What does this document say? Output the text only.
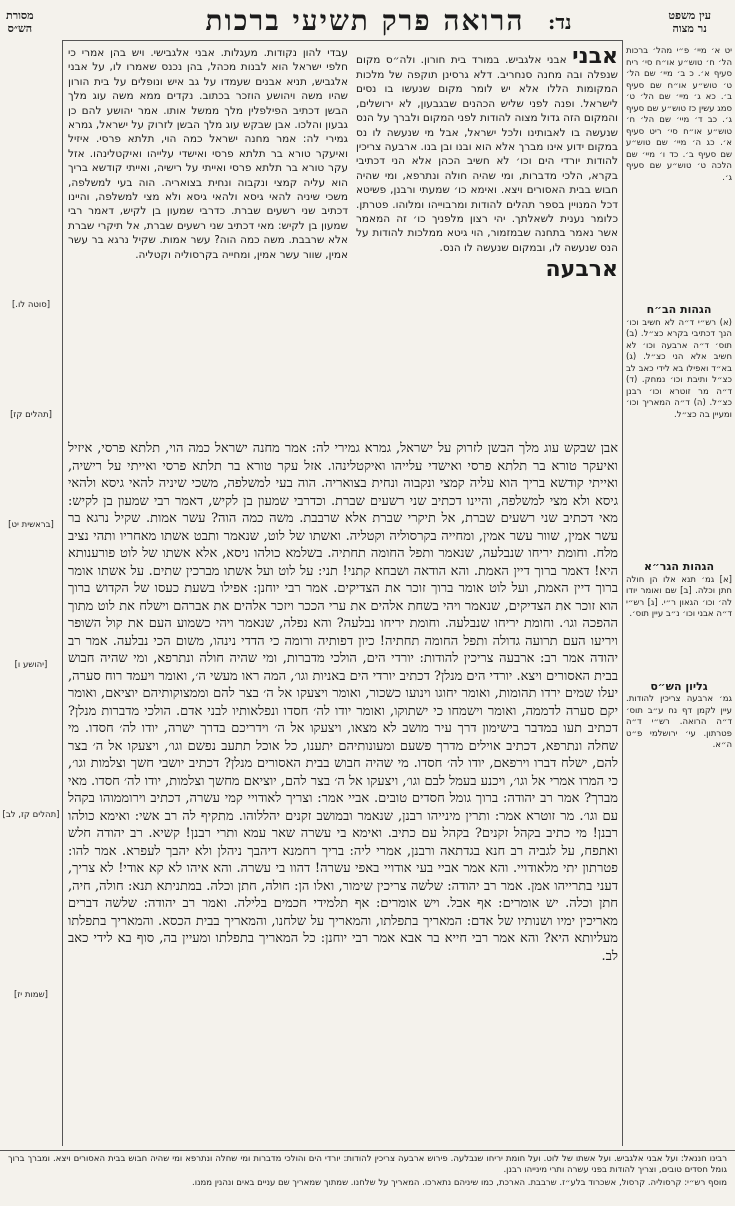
מסורת
הש״ס	הרואה פרק תשיעי ברכות נד:	עין משפט
נר מצוה

אבני אבני אלגביש. במורד בית חורון. ולה״ס מקום שנפלה ובה מחנה סנחריב. דלא גרסינן תוקפה של מלכות המקומות הללו אלא יש לומר מקום שנעשו בו נסים לישראל. ופנה לפני שליש הכהנים שבגבעון, לא ירושלים, והמקום הזה גדול מצוה להודות לפני המקום ולברך על הנס שנעשה בו לאבותינו ולכל ישראל, אבל מי שנעשה לו נס במקום ידוע אינו מברך אלא הוא ובנו ובן בנו. ארבעה צריכין להודות יורדי הים וכו׳ לא חשיב הכהן אלא הני דכתיבי בקרא, הלכי מדברות, ומי שהיה חולה ונתרפא, ומי שהיה חבוש בבית האסורים ויצא. ואימא כו׳ שמעתי ורבנן, פשיטא דכל המנויין בספר תהלים להודות ומרבוייהו ומלוהו. פטרתן. כלומר נענית לשאלתך. יהי רצון מלפניך כו׳ זה המאמר אשר נאמר בתחנה שבמזמור, הוי גיטא ממלכות להודות על הנס שנעשה לו, ובמקום שנעשה לו הנס.

ארבעה

עבדי להון נקודות. מעגלות. אבני אלגבישי. ויש בהן אמרי כי חלפי ישראל הוא לבנות מכהל, בהן נכנס שאמרו לו, על אבני אלגביש, תניא אבנים שעמדו על גב איש ונופלים על בית הורון שהיו משה ויהושע הוזכר בכתוב. נקדים ממא משה עוג מלך הבשן דכתיב הפילפלין מלך ממשל אותו. אמר יהושע להם כן גבעון והלכו. אבן שבקש עוג מלך הבשן לזרוק על ישראל, גמרא גמירי לה: אמר מחנה ישראל כמה הוי, תלתא פרסי. איזיל ואיעקר טורא בר תלתא פרסי ואישדי עלייהו ואיקטלינהו. אזל עקר טורא בר תלתא פרסי ואייתי על רישיה, ואייתי קודשא בריך הוא עליה קמצי ונקבוה ונחית בצואריה. הוה בעי למשלפה, משכי שיניה להאי גיסא ולהאי גיסא ולא מצי למשלפה, והיינו דכתיב שני רשעים שברת. כדרבי שמעון בן לקיש, דאמר רבי שמעון בן לקיש: מאי דכתיב שני רשעים שברת, אל תיקרי שברת אלא שרבבת. משה כמה הוה? עשר אמות. שקיל נרגא בר עשר אמין, שוור עשר אמין, ומחייה בקרסוליה וקטליה.

אבן שבקש עוג מלך הבשן לזרוק על ישראל, גמרא גמירי לה: אמר מחנה ישראל כמה הוי, תלתא פרסי, איזיל ואיעקר טורא בר תלתא פרסי ואישדי עלייהו ואיקטלינהו. אזל עקר טורא בר תלתא פרסי ואייתי על רישיה, ואייתי קודשא בריך הוא עליה קמצי ונקבוה ונחית בצואריה. הוה בעי למשלפה, משכי שיניה להאי גיסא ולהאי גיסא ולא מצי למשלפה, והיינו דכתיב שני רשעים שברת. וכדרבי שמעון בן לקיש, דאמר רבי שמעון בן לקיש: מאי דכתיב שני רשעים שברת, אל תיקרי שברת אלא שרבבת. משה כמה הוה? עשר אמות. שקיל נרגא בר עשר אמין, שוור עשר אמין, ומחייה בקרסוליה וקטליה. ואשתו של לוט, שנאמר ותבט אשתו מאחריו ותהי נציב מלח. וחומת יריחו שנבלעה, שנאמר ותפל החומה תחתיה. בשלמא כולהו ניסא, אלא אשתו של לוט פורענותא היא! דאמר ברוך דיין האמת. והא הודאה ושבחא קתני! תני: על לוט ועל אשתו מברכין שתים. על אשתו אומר ברוך דיין האמת, ועל לוט אומר ברוך זוכר את הצדיקים. אמר רבי יוחנן: אפילו בשעת כעסו של הקדוש ברוך הוא זוכר את הצדיקים, שנאמר ויהי בשחת אלהים את ערי הככר ויזכר אלהים את אברהם וישלח את לוט מתוך ההפכה וגו׳. וחומת יריחו שנבלעה. וחומת יריחו נבלעה? והא נפלה, שנאמר ויהי כשמוע העם את קול השופר ויריעו העם תרועה גדולה ותפל החומה תחתיה! כיון דפותיה ורומה כי הדדי נינהו, משום הכי נבלעה. אמר רב יהודה אמר רב: ארבעה צריכין להודות: יורדי הים, הולכי מדברות, ומי שהיה חולה ונתרפא, ומי שהיה חבוש בבית האסורים ויצא. יורדי הים מנלן? דכתיב יורדי הים באניות וגו׳, המה ראו מעשי ה׳, ואומר ויעמד רוח סערה, יעלו שמים ירדו תהומות, ואומר יחוגו וינועו כשכור, ואומר ויצעקו אל ה׳ בצר להם וממצוקותיהם יוציאם, ואומר יקם סערה לדממה, ואומר וישמחו כי ישתוקו, ואומר יודו לה׳ חסדו ונפלאותיו לבני אדם. הולכי מדברות מנלן? דכתיב תעו במדבר בישימון דרך עיר מושב לא מצאו, ויצעקו אל ה׳ וידריכם בדרך ישרה, יודו לה׳ חסדו. מי שחלה ונתרפא, דכתיב אוילים מדרך פשעם ומעונותיהם יתענו, כל אוכל תתעב נפשם וגו׳, ויצעקו אל ה׳ בצר להם, ישלח דברו וירפאם, יודו לה׳ חסדו. מי שהיה חבוש בבית האסורים מנלן? דכתיב יושבי חשך וצלמות וגו׳, כי המרו אמרי אל וגו׳, ויכנע בעמל לבם וגו׳, ויצעקו אל ה׳ בצר להם, יוציאם מחשך וצלמות, יודו לה׳ חסדו. מאי מברך? אמר רב יהודה: ברוך גומל חסדים טובים. אביי אמר: וצריך לאודויי קמי עשרה, דכתיב וירוממוהו בקהל עם וגו׳. מר זוטרא אמר: ותרין מינייהו רבנן, שנאמר ובמושב זקנים יהללוהו. מתקיף לה רב אשי: ואימא כולהו רבנן! מי כתיב בקהל זקנים? בקהל עם כתיב. ואימא בי עשרה שאר עמא ותרי רבנן! קשיא. רב יהודה חלש ואתפח, על לגביה רב חנא בגדתאה ורבנן, אמרי ליה: בריך רחמנא דיהבך ניהלן ולא יהבך לעפרא. אמר להו: פטרתון יתי מלאודויי. והא אמר אביי בעי אודויי באפי עשרה! דהוו בי עשרה. והא איהו לא קא אודי! לא צריך, דעני בתרייהו אמן. אמר רב יהודה: שלשה צריכין שימור, ואלו הן: חולה, חתן וכלה. במתניתא תנא: חולה, חיה, חתן וכלה. יש אומרים: אף אבל. ויש אומרים: אף תלמידי חכמים בלילה. ואמר רב יהודה: שלשה דברים מאריכין ימיו ושנותיו של אדם: המאריך בתפלתו, והמאריך על שלחנו, והמאריך בבית הכסא. והמאריך בתפלתו מעליותא היא? והא אמר רבי חייא בר אבא אמר רבי יוחנן: כל המאריך בתפלתו ומעיין בה, סוף בא לידי כאב לב.

יט א׳ מיי׳ פ״י מהל׳ ברכות הל׳ ח׳ טוש״ע או״ח סי׳ ריח סעיף א׳. כ ב׳ מיי׳ שם הל׳ ט׳ טוש״ע או״ח שם סעיף ב׳. כא ג׳ מיי׳ שם הל׳ ט׳ סמג עשין כז טוש״ע שם סעיף ג׳. כב ד׳ מיי׳ שם הל׳ ח׳ טוש״ע או״ח סי׳ ריט סעיף א׳. כג ה׳ מיי׳ שם טוש״ע שם סעיף ב׳. כד ו׳ מיי׳ שם הלכה ט׳ טוש״ע שם סעיף ג׳.

הגהות הב״ח

(א) רש״י ד״ה לא חשיב וכו׳ הנך דכתיבי בקרא כצ״ל. (ב) תוס׳ ד״ה ארבעה וכו׳ לא חשיב אלא הני כצ״ל. (ג) בא״ד ואפילו בא לידי כאב לב כצ״ל ותיבת וכו׳ נמחק. (ד) ד״ה מר זוטרא וכו׳ רבנן כצ״ל. (ה) ד״ה המאריך וכו׳ ומעיין בה כצ״ל.

הגהות הגר״א

[א] גמ׳ תנא אלו הן חולה חתן וכלה. [ב] שם ואומר יודו לה׳ וכו׳ הגאון ר״י. [ג] רש״י ד״ה אבני וכו׳ נ״ב עיין תוס׳.

גליון הש״ס

גמ׳ ארבעה צריכין להודות. עיין לקמן דף נח ע״ב תוס׳ ד״ה הרואה. רש״י ד״ה פטרתון. עי׳ ירושלמי פ״ט ה״א.

[סוטה לו.]
[תהלים קז]
[בראשית יט]
[יהושע ו]
[תהלים קז, לב]
[שמות יז]
רבינו חננאל: ועל אבני אלגביש. ועל אשתו של לוט. ועל חומת יריחו שנבלעה. פירוש ארבעה צריכין להודות: יורדי הים והולכי מדברות ומי שחלה ונתרפא ומי שהיה חבוש בבית האסורים ויצא. ומברך ברוך גומל חסדים טובים, וצריך להודות בפני עשרה ותרי מינייהו רבנן.
מוסף רש״י: קרסוליה. קרסול, אשכרוד בלע״ז. שרבבת. הארכת, כמו שיניהם נתארכו. המאריך על שלחנו. שמתוך שמאריך שם עניים באים ונהנין ממנו.
